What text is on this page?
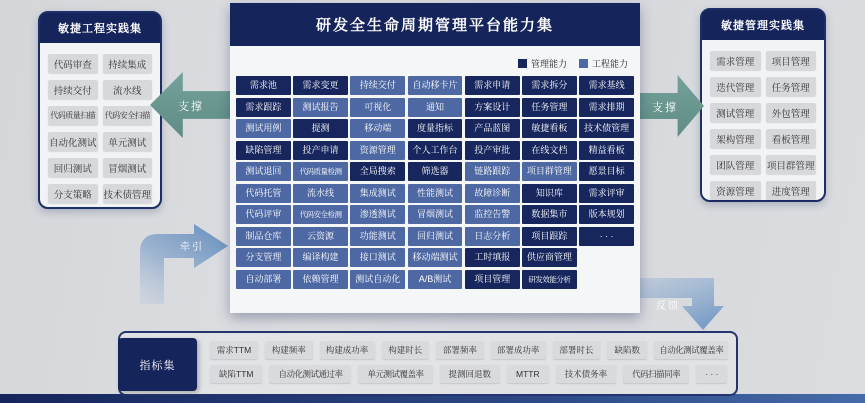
敏捷工程实践集
代码审查	持续集成
持续交付	流水线
代码质量扫描 代码安全扫描
自动化测试	单元测试
回归测试	冒烟测试
分支策略	技术债管理
敏捷管理实践集
需求管理	项目管理
迭代管理	任务管理
测试管理	外包管理
架构管理	看板管理
团队管理	项目群管理
资源管理	进度管理
支撑	支撑
牵引
反馈
研发全生命周期管理平台能力集
管理能力	工程能力
需求池	需求变更	持续交付	自动移卡片	需求申请	需求拆分	需求基线
需求跟踪	测试报告	可视化	通知	方案设计	任务管理	需求排期
测试用例	提测	移动端	度量指标	产品蓝图	敏捷看板	技术债管理
缺陷管理	投产申请	资源管理	个人工作台	投产审批	在线文档	精益看板
测试退回	代码质量检测	全局搜索	筛选器	链路跟踪	项目群管理	愿景目标
代码托管	流水线	集成测试	性能测试	故障诊断	知识库	需求评审
代码评审	代码安全检测	渗透测试	冒烟测试	监控告警	数据集市	版本规划
制品仓库	云资源	功能测试	回归测试	日志分析	项目跟踪	· · ·
分支管理	编译构建	接口测试	移动端测试	工时填报	供应商管理
自动部署	依赖管理	测试自动化	A/B测试	项目管理	研发效能分析
指标集
需求TTM	构建频率	构建成功率	构建时长	部署频率	部署成功率	部署时长	缺陷数	自动化测试覆盖率
缺陷TTM	自动化测试通过率	单元测试覆盖率	提测回退数	MTTR	技术债务率	代码扫描同率	· · ·
